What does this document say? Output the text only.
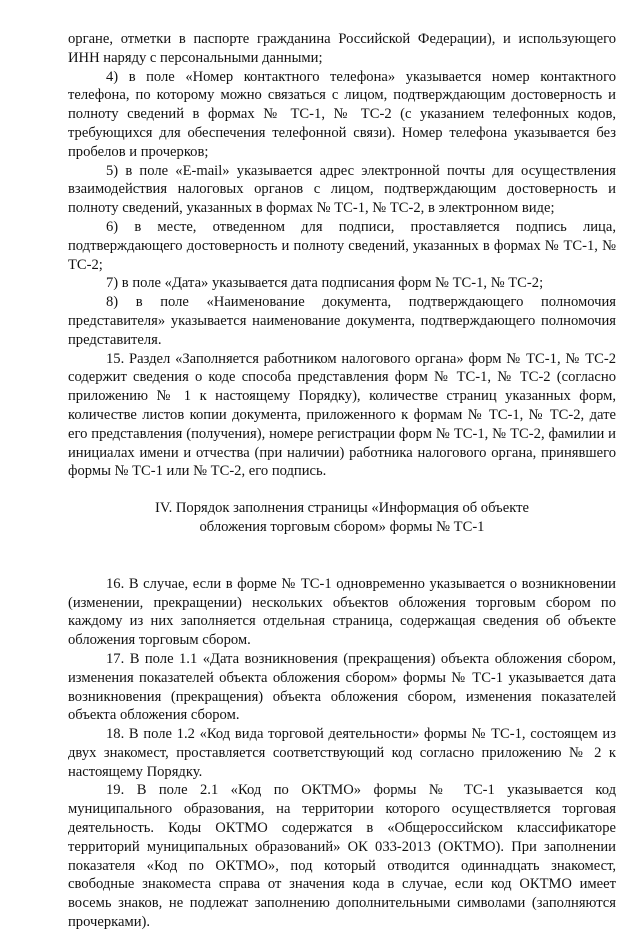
органе, отметки в паспорте гражданина Российской Федерации), и использующего ИНН наряду с персональными данными;

4) в поле «Номер контактного телефона» указывается номер контактного телефона, по которому можно связаться с лицом, подтверждающим достоверность и полноту сведений в формах № ТС-1, № ТС-2 (с указанием телефонных кодов, требующихся для обеспечения телефонной связи). Номер телефона указывается без пробелов и прочерков;

5) в поле «E-mail» указывается адрес электронной почты для осуществления взаимодействия налоговых органов с лицом, подтверждающим достоверность и полноту сведений, указанных в формах № ТС-1, № ТС-2, в электронном виде;

6) в месте, отведенном для подписи, проставляется подпись лица, подтверждающего достоверность и полноту сведений, указанных в формах № ТС-1, № ТС-2;

7) в поле «Дата» указывается дата подписания форм № ТС-1, № ТС-2;

8) в поле «Наименование документа, подтверждающего полномочия представителя» указывается наименование документа, подтверждающего полномочия представителя.

15. Раздел «Заполняется работником налогового органа» форм № ТС-1, № ТС-2 содержит сведения о коде способа представления форм № ТС-1, № ТС-2 (согласно приложению № 1 к настоящему Порядку), количестве страниц указанных форм, количестве листов копии документа, приложенного к формам № ТС-1, № ТС-2, дате его представления (получения), номере регистрации форм № ТС-1, № ТС-2, фамилии и инициалах имени и отчества (при наличии) работника налогового органа, принявшего формы № ТС-1 или № ТС-2, его подпись.

IV. Порядок заполнения страницы «Информация об объекте обложения торговым сбором» формы № ТС-1

16. В случае, если в форме № ТС-1 одновременно указывается о возникновении (изменении, прекращении) нескольких объектов обложения торговым сбором по каждому из них заполняется отдельная страница, содержащая сведения об объекте обложения торговым сбором.

17. В поле 1.1 «Дата возникновения (прекращения) объекта обложения сбором, изменения показателей объекта обложения сбором» формы № ТС-1 указывается дата возникновения (прекращения) объекта обложения сбором, изменения показателей объекта обложения сбором.

18. В поле 1.2 «Код вида торговой деятельности» формы № ТС-1, состоящем из двух знакомест, проставляется соответствующий код согласно приложению № 2 к настоящему Порядку.

19. В поле 2.1 «Код по ОКТМО» формы № ТС-1 указывается код муниципального образования, на территории которого осуществляется торговая деятельность. Коды ОКТМО содержатся в «Общероссийском классификаторе территорий муниципальных образований» ОК 033-2013 (ОКТМО). При заполнении показателя «Код по ОКТМО», под который отводится одиннадцать знакомест, свободные знакоместа справа от значения кода в случае, если код ОКТМО имеет восемь знаков, не подлежат заполнению дополнительными символами (заполняются прочерками).
